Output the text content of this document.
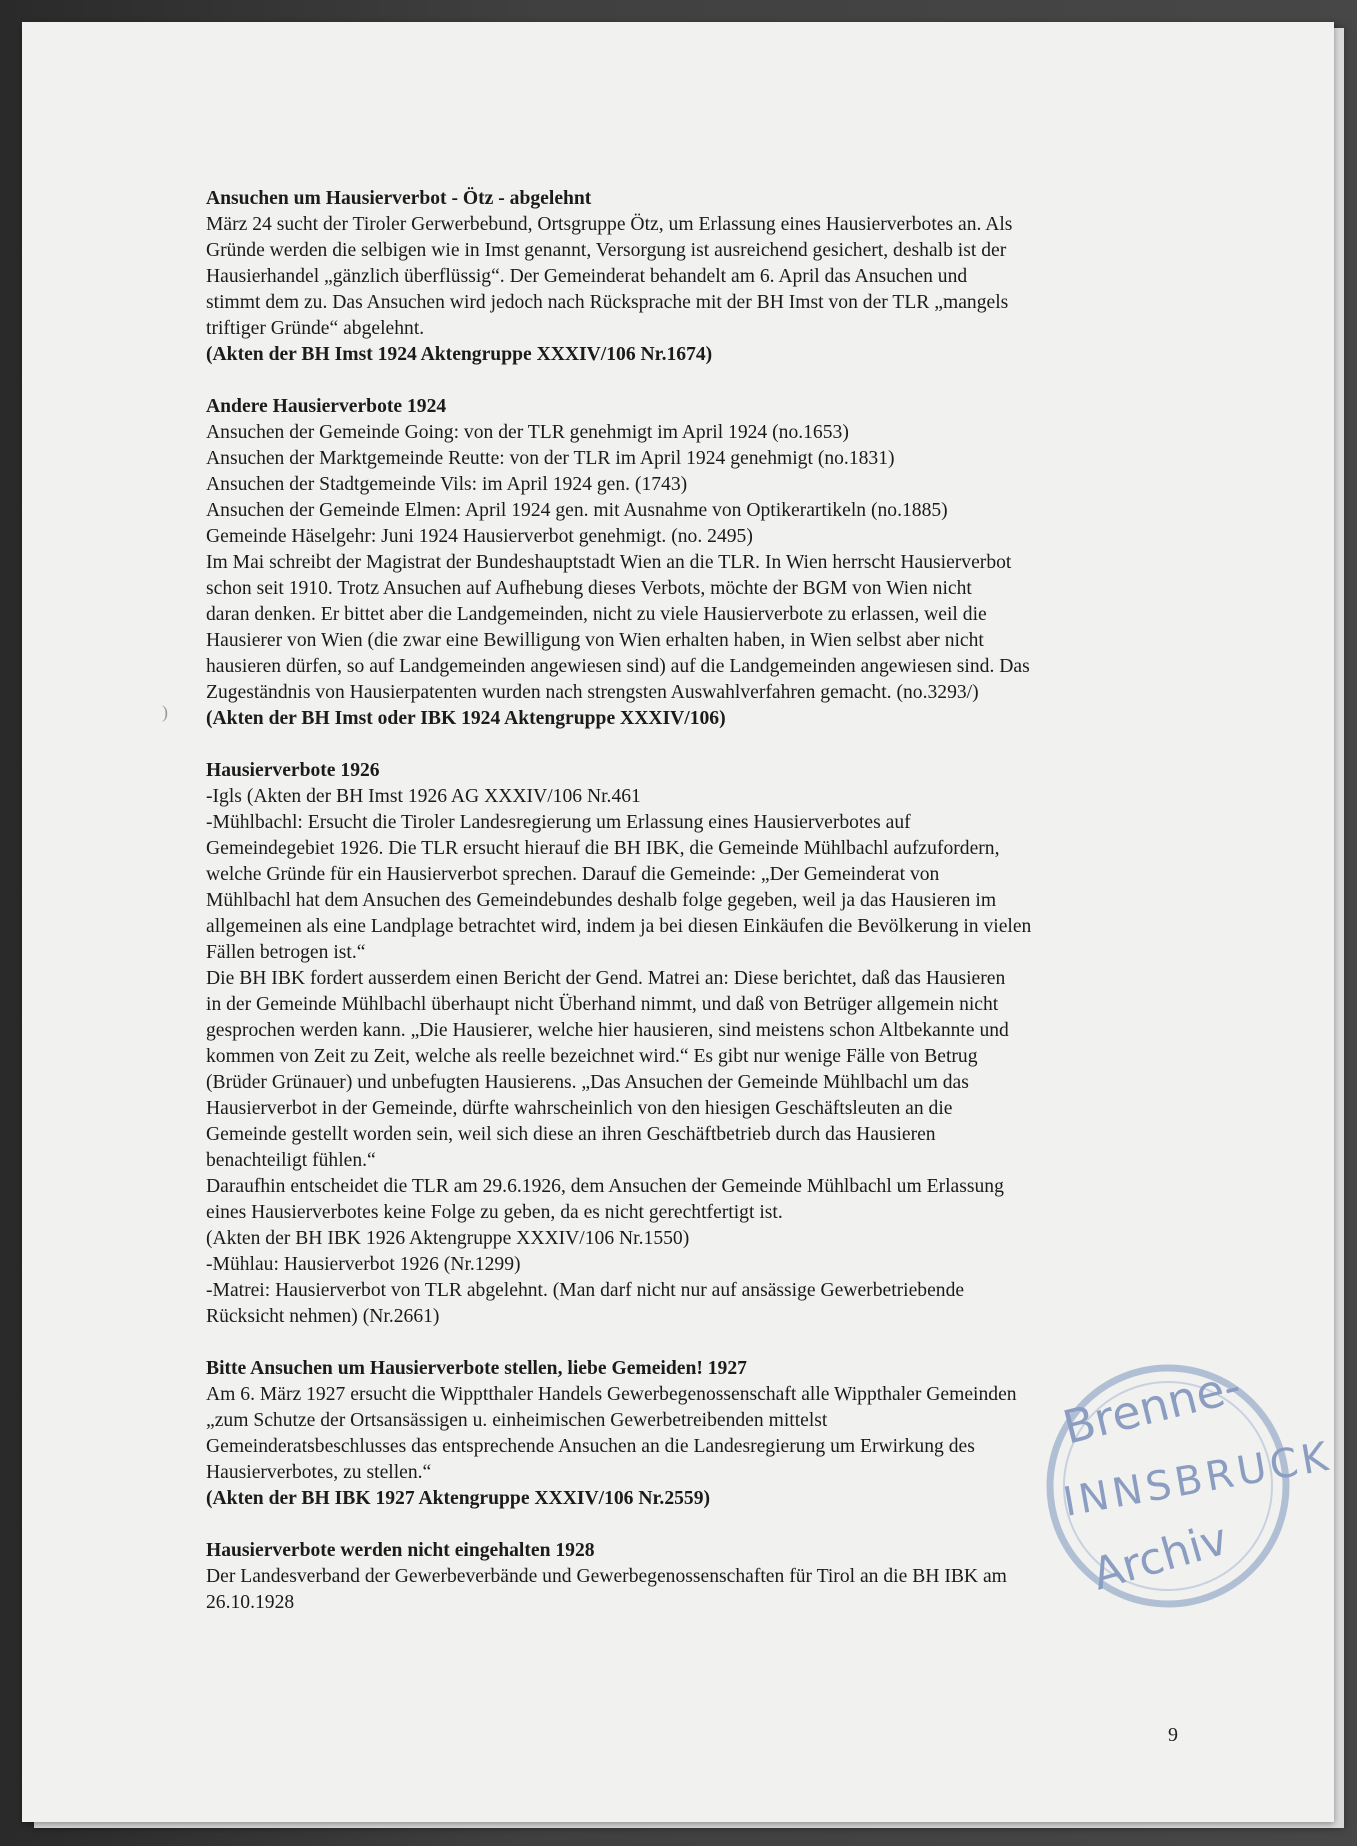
Ansuchen um Hausierverbot - Ötz - abgelehnt
März 24 sucht der Tiroler Gerwerbebund, Ortsgruppe Ötz, um Erlassung eines Hausierverbotes an. Als
Gründe werden die selbigen wie in Imst genannt, Versorgung ist ausreichend gesichert, deshalb ist der
Hausierhandel „gänzlich überflüssig“. Der Gemeinderat behandelt am 6. April das Ansuchen und
stimmt dem zu. Das Ansuchen wird jedoch nach Rücksprache mit der BH Imst von der TLR „mangels
triftiger Gründe“ abgelehnt.
(Akten der BH Imst 1924 Aktengruppe XXXIV/106 Nr.1674)
Andere Hausierverbote 1924
Ansuchen der Gemeinde Going: von der TLR genehmigt im April 1924 (no.1653)
Ansuchen der Marktgemeinde Reutte: von der TLR im April 1924 genehmigt (no.1831)
Ansuchen der Stadtgemeinde Vils: im April 1924 gen. (1743)
Ansuchen der Gemeinde Elmen: April 1924 gen. mit Ausnahme von Optikerartikeln (no.1885)
Gemeinde Häselgehr: Juni 1924 Hausierverbot genehmigt. (no. 2495)
Im Mai schreibt der Magistrat der Bundeshauptstadt Wien an die TLR. In Wien herrscht Hausierverbot
schon seit 1910. Trotz Ansuchen auf Aufhebung dieses Verbots, möchte der BGM von Wien nicht
daran denken. Er bittet aber die Landgemeinden, nicht zu viele Hausierverbote zu erlassen, weil die
Hausierer von Wien (die zwar eine Bewilligung von Wien erhalten haben, in Wien selbst aber nicht
hausieren dürfen, so auf Landgemeinden angewiesen sind) auf die Landgemeinden angewiesen sind. Das
Zugeständnis von Hausierpatenten wurden nach strengsten Auswahlverfahren gemacht. (no.3293/)
(Akten der BH Imst oder IBK 1924 Aktengruppe XXXIV/106)
Hausierverbote 1926
-Igls (Akten der BH Imst 1926 AG XXXIV/106 Nr.461
-Mühlbachl: Ersucht die Tiroler Landesregierung um Erlassung eines Hausierverbotes auf
Gemeindegebiet 1926. Die TLR ersucht hierauf die BH IBK, die Gemeinde Mühlbachl aufzufordern,
welche Gründe für ein Hausierverbot sprechen. Darauf die Gemeinde: „Der Gemeinderat von
Mühlbachl hat dem Ansuchen des Gemeindebundes deshalb folge gegeben, weil ja das Hausieren im
allgemeinen als eine Landplage betrachtet wird, indem ja bei diesen Einkäufen die Bevölkerung in vielen
Fällen betrogen ist.“
Die BH IBK fordert ausserdem einen Bericht der Gend. Matrei an: Diese berichtet, daß das Hausieren
in der Gemeinde Mühlbachl überhaupt nicht Überhand nimmt, und daß von Betrüger allgemein nicht
gesprochen werden kann. „Die Hausierer, welche hier hausieren, sind meistens schon Altbekannte und
kommen von Zeit zu Zeit, welche als reelle bezeichnet wird.“ Es gibt nur wenige Fälle von Betrug
(Brüder Grünauer) und unbefugten Hausierens. „Das Ansuchen der Gemeinde Mühlbachl um das
Hausierverbot in der Gemeinde, dürfte wahrscheinlich von den hiesigen Geschäftsleuten an die
Gemeinde gestellt worden sein, weil sich diese an ihren Geschäftbetrieb durch das Hausieren
benachteiligt fühlen.“
Daraufhin entscheidet die TLR am 29.6.1926, dem Ansuchen der Gemeinde Mühlbachl um Erlassung
eines Hausierverbotes keine Folge zu geben, da es nicht gerechtfertigt ist.
(Akten der BH IBK 1926 Aktengruppe XXXIV/106 Nr.1550)
-Mühlau: Hausierverbot 1926 (Nr.1299)
-Matrei: Hausierverbot von TLR abgelehnt. (Man darf nicht nur auf ansässige Gewerbetriebende
Rücksicht nehmen) (Nr.2661)
Bitte Ansuchen um Hausierverbote stellen, liebe Gemeiden! 1927
Am 6. März 1927 ersucht die Wipptthaler Handels Gewerbegenossenschaft alle Wippthaler Gemeinden
„zum Schutze der Ortsansässigen u. einheimischen Gewerbetreibenden mittelst
Gemeinderatsbeschlusses das entsprechende Ansuchen an die Landesregierung um Erwirkung des
Hausierverbotes, zu stellen.“
(Akten der BH IBK 1927 Aktengruppe XXXIV/106 Nr.2559)
Hausierverbote werden nicht eingehalten 1928
Der Landesverband der Gewerbeverbände und Gewerbegenossenschaften für Tirol an die BH IBK am
26.10.1928
)
Brenne-
INNSBRUCK
Archiv
9
